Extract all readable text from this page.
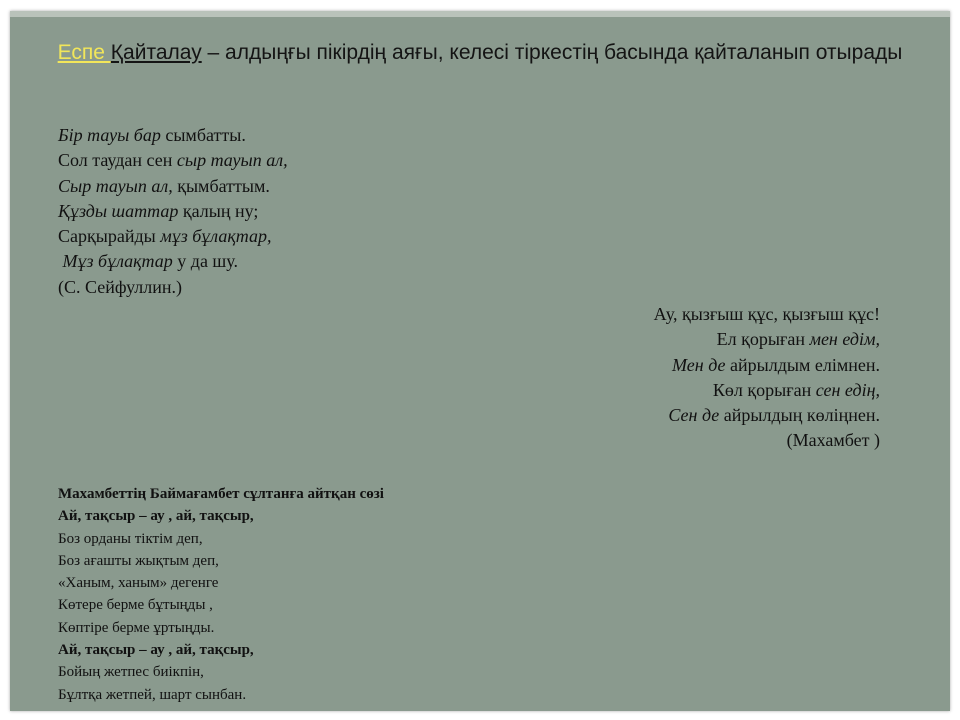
Еспе Қайталау – алдыңғы пікірдің аяғы, келесі тіркестің басында қайталанып отырады
Бір тауы бар сымбатты.
Сол таудан сен сыр тауып ал,
Сыр тауып ал, қымбаттым.
Құзды шаттар қалың ну;
Сарқырайды мұз бұлақтар,
Мұз бұлақтар у да шу.
(С. Сейфуллин.)
Ау, қызғыш құс, қызғыш құс!
Ел қорыған мен едім,
Мен де айрылдым елімнен.
Көл қорыған сен едің,
Сен де айрылдың көліңнен.
(Махамбет )
Махамбеттің Баймағамбет сұлтанға айтқан сөзі
Ай, тақсыр – ау , ай, тақсыр,
Боз орданы тіктім деп,
Боз ағашты жықтым деп,
«Ханым, ханым» дегенге
Көтере берме бұтыңды ,
Көптіре берме ұртыңды.
Ай, тақсыр – ау , ай, тақсыр,
Бойың жетпес биікпін,
Бұлтқа жетпей, шарт сынбан.
